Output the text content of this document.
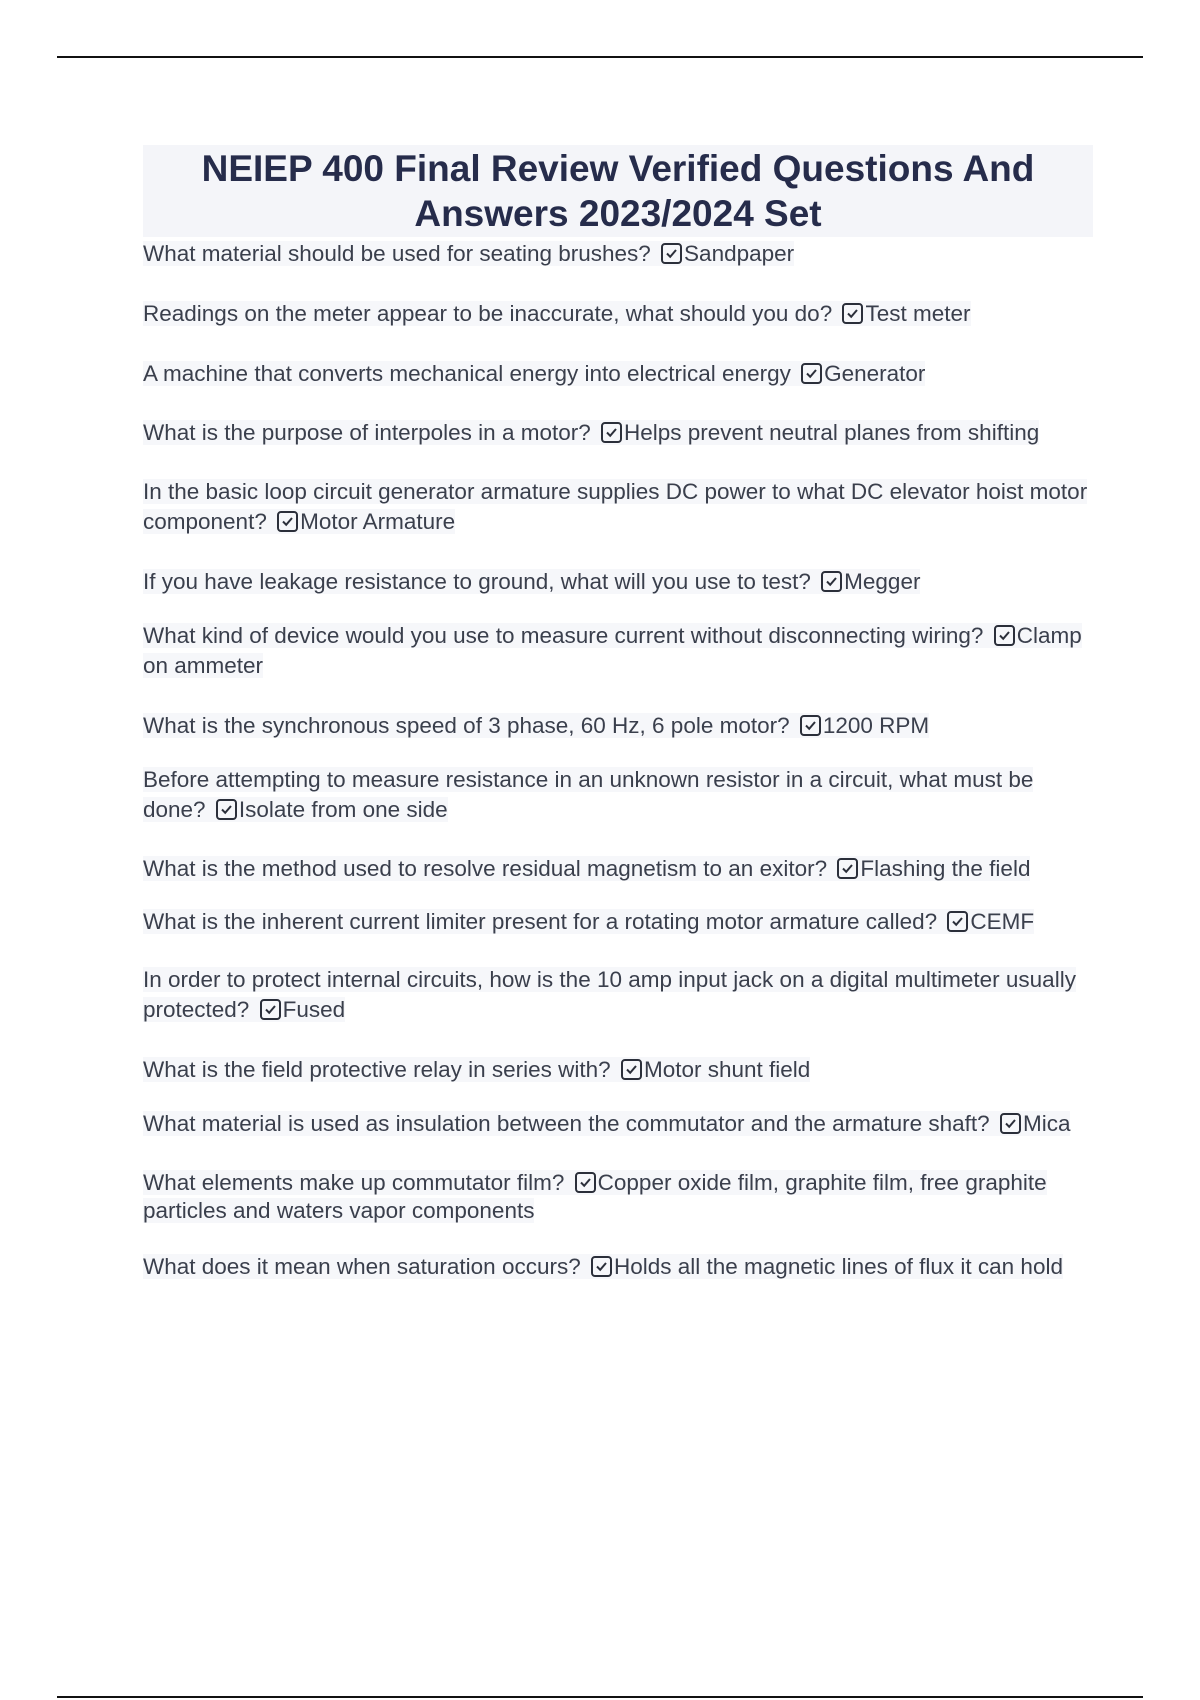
NEIEP 400 Final Review Verified Questions And Answers 2023/2024 Set

What material should be used for seating brushes?
Sandpaper

Readings on the meter appear to be inaccurate, what should you do?
Test meter

A machine that converts mechanical energy into electrical energy
Generator

What is the purpose of interpoles in a motor?
Helps prevent neutral planes from shifting

In the basic loop circuit generator armature supplies DC power to what DC elevator hoist motor component?
Motor Armature

If you have leakage resistance to ground, what will you use to test?
Megger

What kind of device would you use to measure current without disconnecting wiring?
Clamp on ammeter

What is the synchronous speed of 3 phase, 60 Hz, 6 pole motor?
1200 RPM

Before attempting to measure resistance in an unknown resistor in a circuit, what must be done?
Isolate from one side

What is the method used to resolve residual magnetism to an exitor?
Flashing the field

What is the inherent current limiter present for a rotating motor armature called?
CEMF

In order to protect internal circuits, how is the 10 amp input jack on a digital multimeter usually protected?
Fused

What is the field protective relay in series with?
Motor shunt field

What material is used as insulation between the commutator and the armature shaft?
Mica

What elements make up commutator film?
Copper oxide film, graphite film, free graphite particles and waters vapor components

What does it mean when saturation occurs?
Holds all the magnetic lines of flux it can hold
